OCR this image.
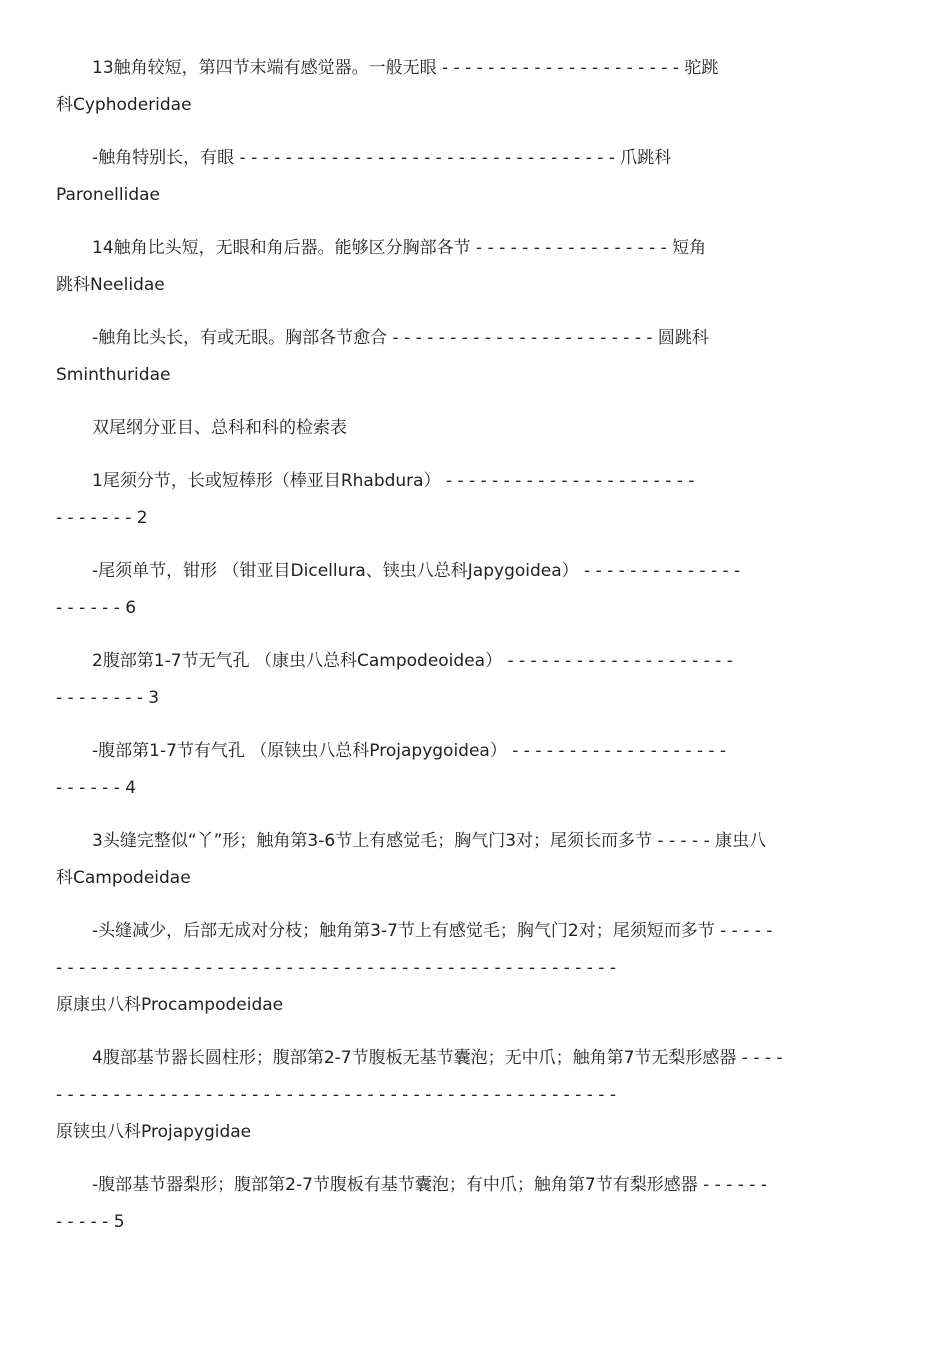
13触角较短，第四节末端有感觉器。一般无眼 - - - - - - - - - - - - - - - - - - - - - 驼跳
科Cyphoderidae

-触角特别长，有眼 - - - - - - - - - - - - - - - - - - - - - - - - - - - - - - - - - 爪跳科
Paronellidae

14触角比头短，无眼和角后器。能够区分胸部各节 - - - - - - - - - - - - - - - - - 短角
跳科Neelidae

-触角比头长，有或无眼。胸部各节愈合 - - - - - - - - - - - - - - - - - - - - - - - 圆跳科
Sminthuridae

双尾纲分亚目、总科和科的检索表

1尾须分节，长或短棒形（棒亚目Rhabdura） - - - - - - - - - - - - - - - - - - - - - -
- - - - - - - 2

-尾须单节，钳形 （钳亚目Dicellura、铗虫八总科Japygoidea） - - - - - - - - - - - - - -
- - - - - - 6

2腹部第1-7节无气孔 （康虫八总科Campodeoidea） - - - - - - - - - - - - - - - - - - - -
- - - - - - - - 3

-腹部第1-7节有气孔 （原铗虫八总科Projapygoidea） - - - - - - - - - - - - - - - - - - -
- - - - - - 4

3头缝完整似“丫”形；触角第3-6节上有感觉毛；胸气门3对；尾须长而多节 - - - - - 康虫八
科Campodeidae

-头缝减少，后部无成对分枝；触角第3-7节上有感觉毛；胸气门2对；尾须短而多节 - - - - -
- - - - - - - - - - - - - - - - - - - - - - - - - - - - - - - - - - - - - - - - - - - - - - - - -
原康虫八科Procampodeidae

4腹部基节器长圆柱形；腹部第2-7节腹板无基节囊泡；无中爪；触角第7节无梨形感器 - - - -
- - - - - - - - - - - - - - - - - - - - - - - - - - - - - - - - - - - - - - - - - - - - - - - - -
原铗虫八科Projapygidae

-腹部基节器梨形；腹部第2-7节腹板有基节囊泡；有中爪；触角第7节有梨形感器 - - - - - -
- - - - - 5
